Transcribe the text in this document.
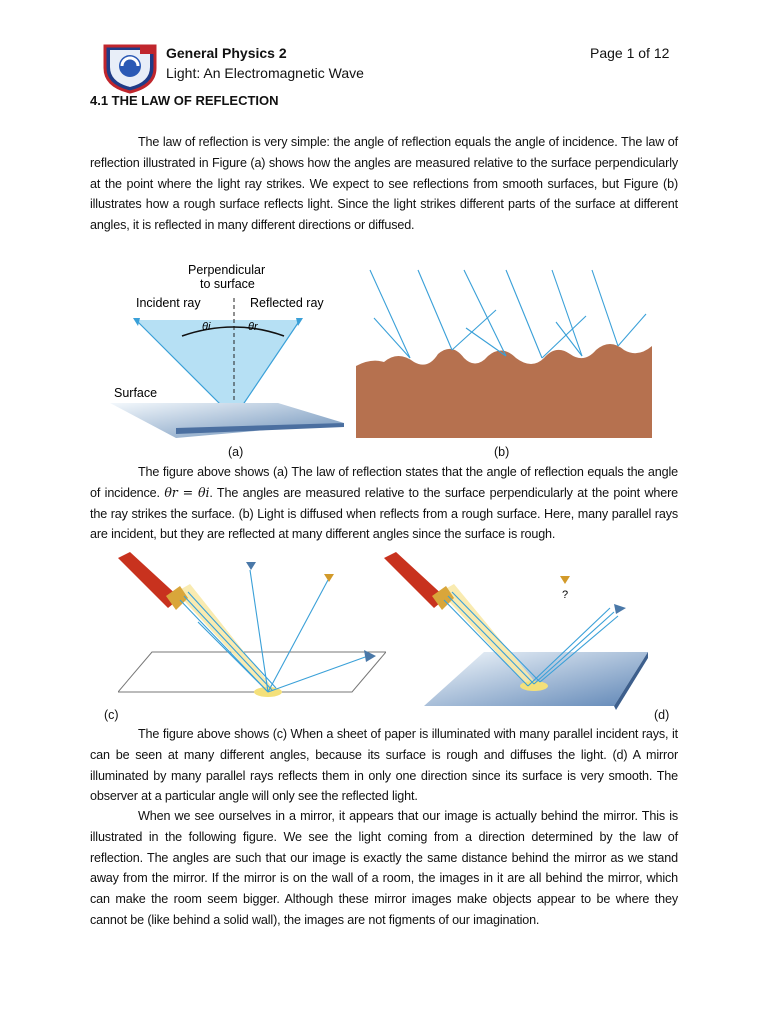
General Physics 2
Light: An Electromagnetic Wave
Page 1 of 12
4.1 THE LAW OF REFLECTION
The law of reflection is very simple: the angle of reflection equals the angle of incidence. The law of reflection illustrated in Figure (a) shows how the angles are measured relative to the surface perpendicularly at the point where the light ray strikes. We expect to see reflections from smooth surfaces, but Figure (b) illustrates how a rough surface reflects light. Since the light strikes different parts of the surface at different angles, it is reflected in many different directions or diffused.
Perpendicular
to surface
Incident ray	Reflected ray
θi	θr
Surface
(a)	(b)
The figure above shows (a) The law of reflection states that the angle of reflection equals the angle of incidence. θr = θi. The angles are measured relative to the surface perpendicularly at the point where the ray strikes the surface. (b) Light is diffused when reflects from a rough surface. Here, many parallel rays are incident, but they are reflected at many different angles since the surface is rough.
?
(c)	(d)
The figure above shows (c) When a sheet of paper is illuminated with many parallel incident rays, it can be seen at many different angles, because its surface is rough and diffuses the light. (d) A mirror illuminated by many parallel rays reflects them in only one direction since its surface is very smooth. The observer at a particular angle will only see the reflected light.
When we see ourselves in a mirror, it appears that our image is actually behind the mirror. This is illustrated in the following figure. We see the light coming from a direction determined by the law of reflection. The angles are such that our image is exactly the same distance behind the mirror as we stand away from the mirror. If the mirror is on the wall of a room, the images in it are all behind the mirror, which can make the room seem bigger. Although these mirror images make objects appear to be where they cannot be (like behind a solid wall), the images are not figments of our imagination.
